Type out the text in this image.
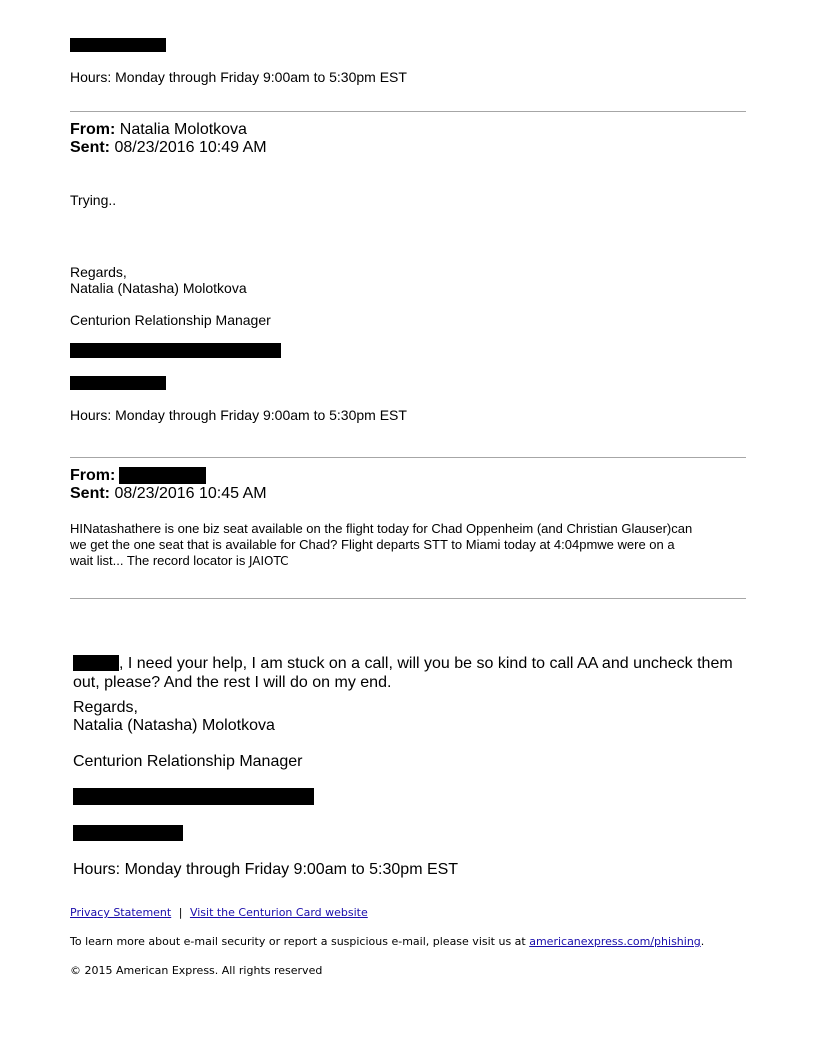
Hours: Monday through Friday 9:00am to 5:30pm EST
From: Natalia Molotkova
Sent: 08/23/2016 10:49 AM
Trying..
Regards,
Natalia (Natasha) Molotkova
Centurion Relationship Manager
Hours: Monday through Friday 9:00am to 5:30pm EST
From:
Sent: 08/23/2016 10:45 AM
HINatashathere is one biz seat available on the flight today for Chad Oppenheim (and Christian Glauser)can
we get the one seat that is available for Chad? Flight departs STT to Miami today at 4:04pmwe were on a
wait list... The record locator is JAIOTC
, I need your help, I am stuck on a call, will you be so kind to call AA and uncheck them
out, please? And the rest I will do on my end.
Regards,
Natalia (Natasha) Molotkova
Centurion Relationship Manager
Hours: Monday through Friday 9:00am to 5:30pm EST
Privacy Statement | Visit the Centurion Card website
To learn more about e-mail security or report a suspicious e-mail, please visit us at americanexpress.com/phishing.
© 2015 American Express. All rights reserved
